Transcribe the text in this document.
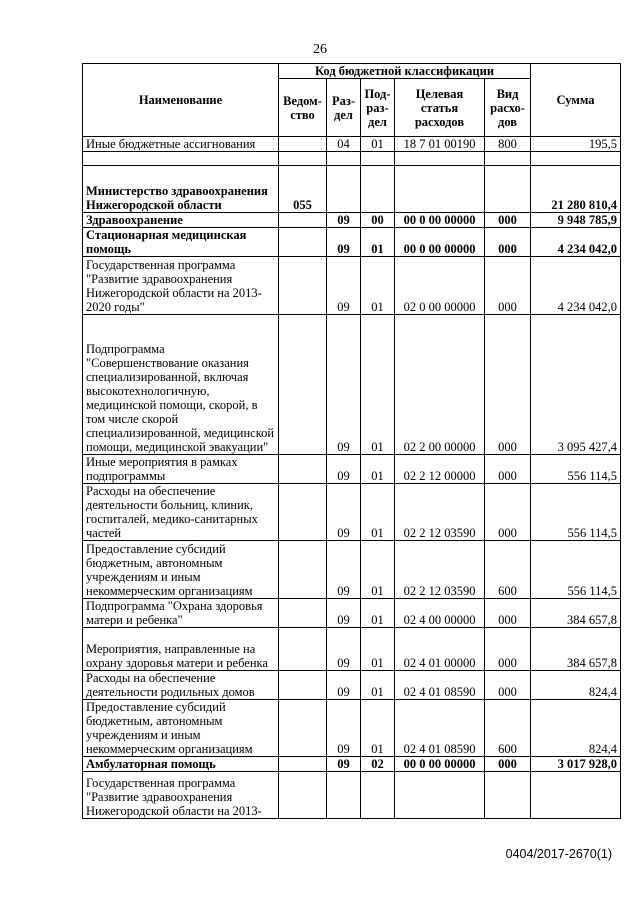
26
Наименование	Код бюджетной классификации					Сумма
	Ведом-ство	Раз-дел	Под-раз-дел	Целевая статья расходов	Вид расхо-дов	
Иные бюджетные ассигнования		04	01	18 7 01 00190	800	195,5

Министерство здравоохранения Нижегородской области	055					21 280 810,4
Здравоохранение		09	00	00 0 00 00000	000	9 948 785,9
Стационарная медицинская помощь		09	01	00 0 00 00000	000	4 234 042,0
Государственная программа "Развитие здравоохранения Нижегородской области на 2013-2020 годы"		09	01	02 0 00 00000	000	4 234 042,0
Подпрограмма "Совершенствование оказания специализированной, включая высокотехнологичную, медицинской помощи, скорой, в том числе скорой специализированной, медицинской помощи, медицинской эвакуации"		09	01	02 2 00 00000	000	3 095 427,4
Иные мероприятия в рамках подпрограммы		09	01	02 2 12 00000	000	556 114,5
Расходы на обеспечение деятельности больниц, клиник, госпиталей, медико-санитарных частей		09	01	02 2 12 03590	000	556 114,5
Предоставление субсидий бюджетным, автономным учреждениям и иным некоммерческим организациям		09	01	02 2 12 03590	600	556 114,5
Подпрограмма "Охрана здоровья матери и ребенка"		09	01	02 4 00 00000	000	384 657,8
Мероприятия, направленные на охрану здоровья матери и ребенка		09	01	02 4 01 00000	000	384 657,8
Расходы на обеспечение деятельности родильных домов		09	01	02 4 01 08590	000	824,4
Предоставление субсидий бюджетным, автономным учреждениям и иным некоммерческим организациям		09	01	02 4 01 08590	600	824,4
Амбулаторная помощь		09	02	00 0 00 00000	000	3 017 928,0
Государственная программа "Развитие здравоохранения Нижегородской области на 2013-						
0404/2017-2670(1)
